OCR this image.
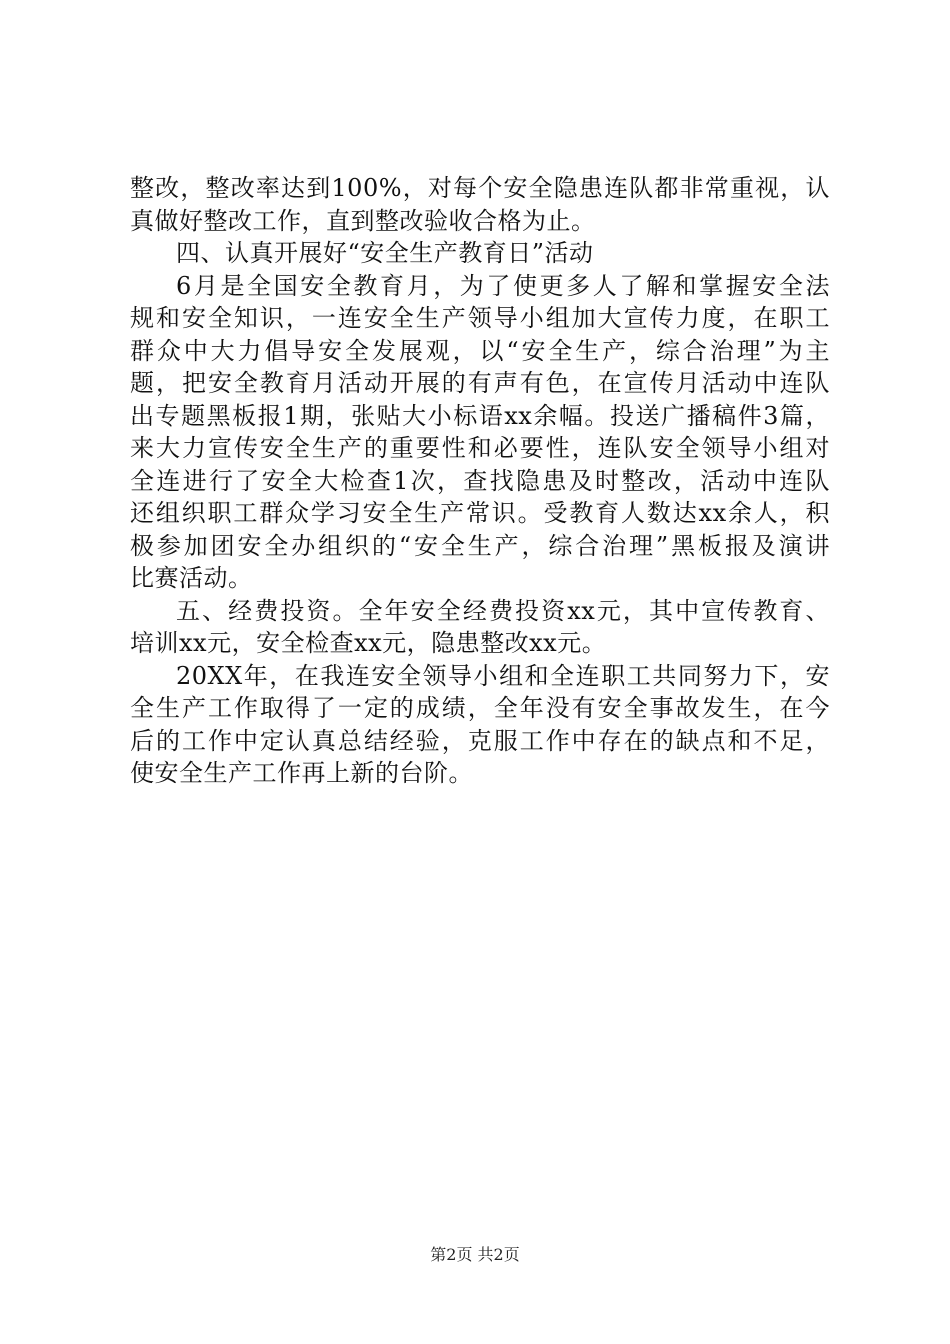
整改，整改率达到100%，对每个安全隐患连队都非常重视，认
真做好整改工作，直到整改验收合格为止。
四、认真开展好“安全生产教育日”活动
6月是全国安全教育月，为了使更多人了解和掌握安全法
规和安全知识，一连安全生产领导小组加大宣传力度，在职工
群众中大力倡导安全发展观，以“安全生产，综合治理”为主
题，把安全教育月活动开展的有声有色，在宣传月活动中连队
出专题黑板报1期，张贴大小标语xx余幅。投送广播稿件3篇，
来大力宣传安全生产的重要性和必要性，连队安全领导小组对
全连进行了安全大检查1次，查找隐患及时整改，活动中连队
还组织职工群众学习安全生产常识。受教育人数达xx余人，积
极参加团安全办组织的“安全生产，综合治理”黑板报及演讲
比赛活动。
五、经费投资。全年安全经费投资xx元，其中宣传教育、
培训xx元，安全检查xx元，隐患整改xx元。
20XX年，在我连安全领导小组和全连职工共同努力下，安
全生产工作取得了一定的成绩，全年没有安全事故发生，在今
后的工作中定认真总结经验，克服工作中存在的缺点和不足，
使安全生产工作再上新的台阶。
第2页 共2页
